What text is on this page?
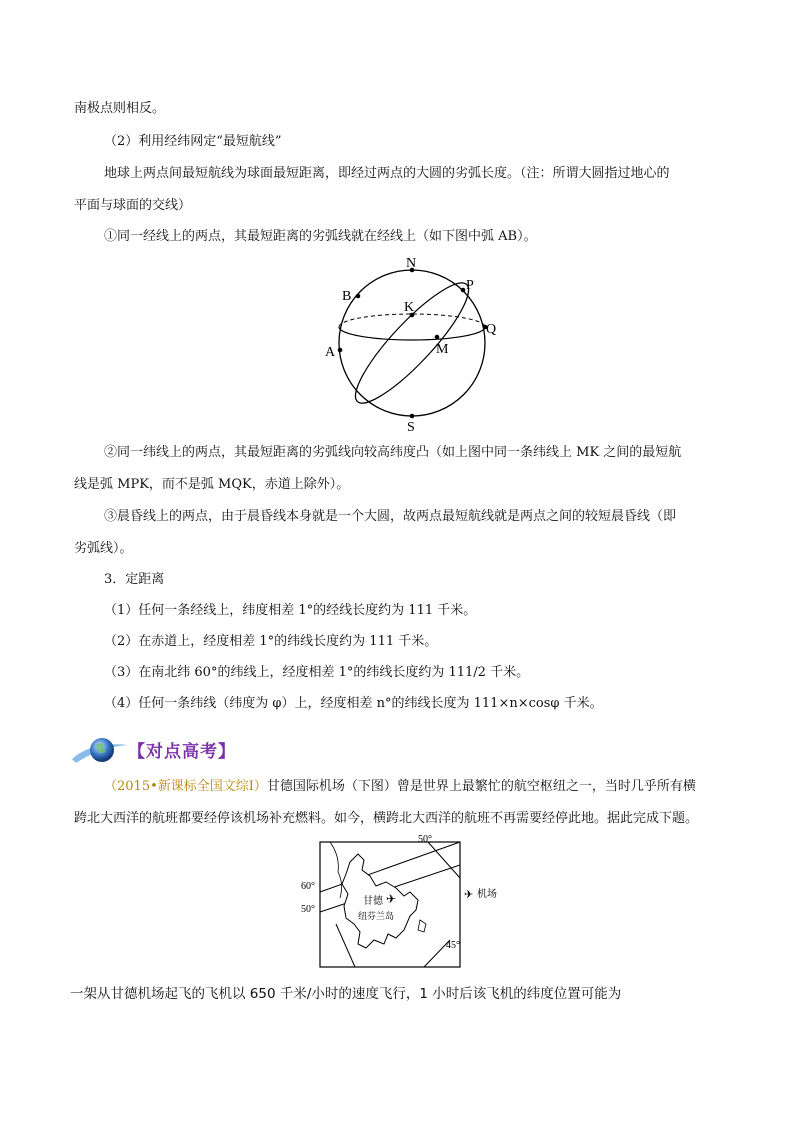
南极点则相反。
（2）利用经纬网定“最短航线”
地球上两点间最短航线为球面最短距离，即经过两点的大圆的劣弧长度。（注：所谓大圆指过地心的
平面与球面的交线）
①同一经线上的两点，其最短距离的劣弧线就在经线上（如下图中弧 AB）。
N
S
B
A
K
P
Q
M
②同一纬线上的两点，其最短距离的劣弧线向较高纬度凸（如上图中同一条纬线上 MK 之间的最短航
线是弧 MPK，而不是弧 MQK，赤道上除外）。
③晨昏线上的两点，由于晨昏线本身就是一个大圆，故两点最短航线就是两点之间的较短晨昏线（即
劣弧线）。
3．定距离
（1）任何一条经线上，纬度相差 1°的经线长度约为 111 千米。
（2）在赤道上，经度相差 1°的纬线长度约为 111 千米。
（3）在南北纬 60°的纬线上，经度相差 1°的纬线长度约为 111/2 千米。
（4）任何一条纬线（纬度为 φ）上，经度相差 n°的纬线长度为 111×n×cosφ 千米。
【对点高考】
（2015•新课标全国文综Ⅰ）甘德国际机场（下图）曾是世界上最繁忙的航空枢纽之一，当时几乎所有横
跨北大西洋的航班都要经停该机场补充燃料。如今，横跨北大西洋的航班不再需要经停此地。据此完成下题。
✈
甘德
纽芬兰岛
60°
50°
50°
45°
✈ 机场
一架从甘德机场起飞的飞机以 650 千米/小时的速度飞行，1 小时后该飞机的纬度位置可能为
